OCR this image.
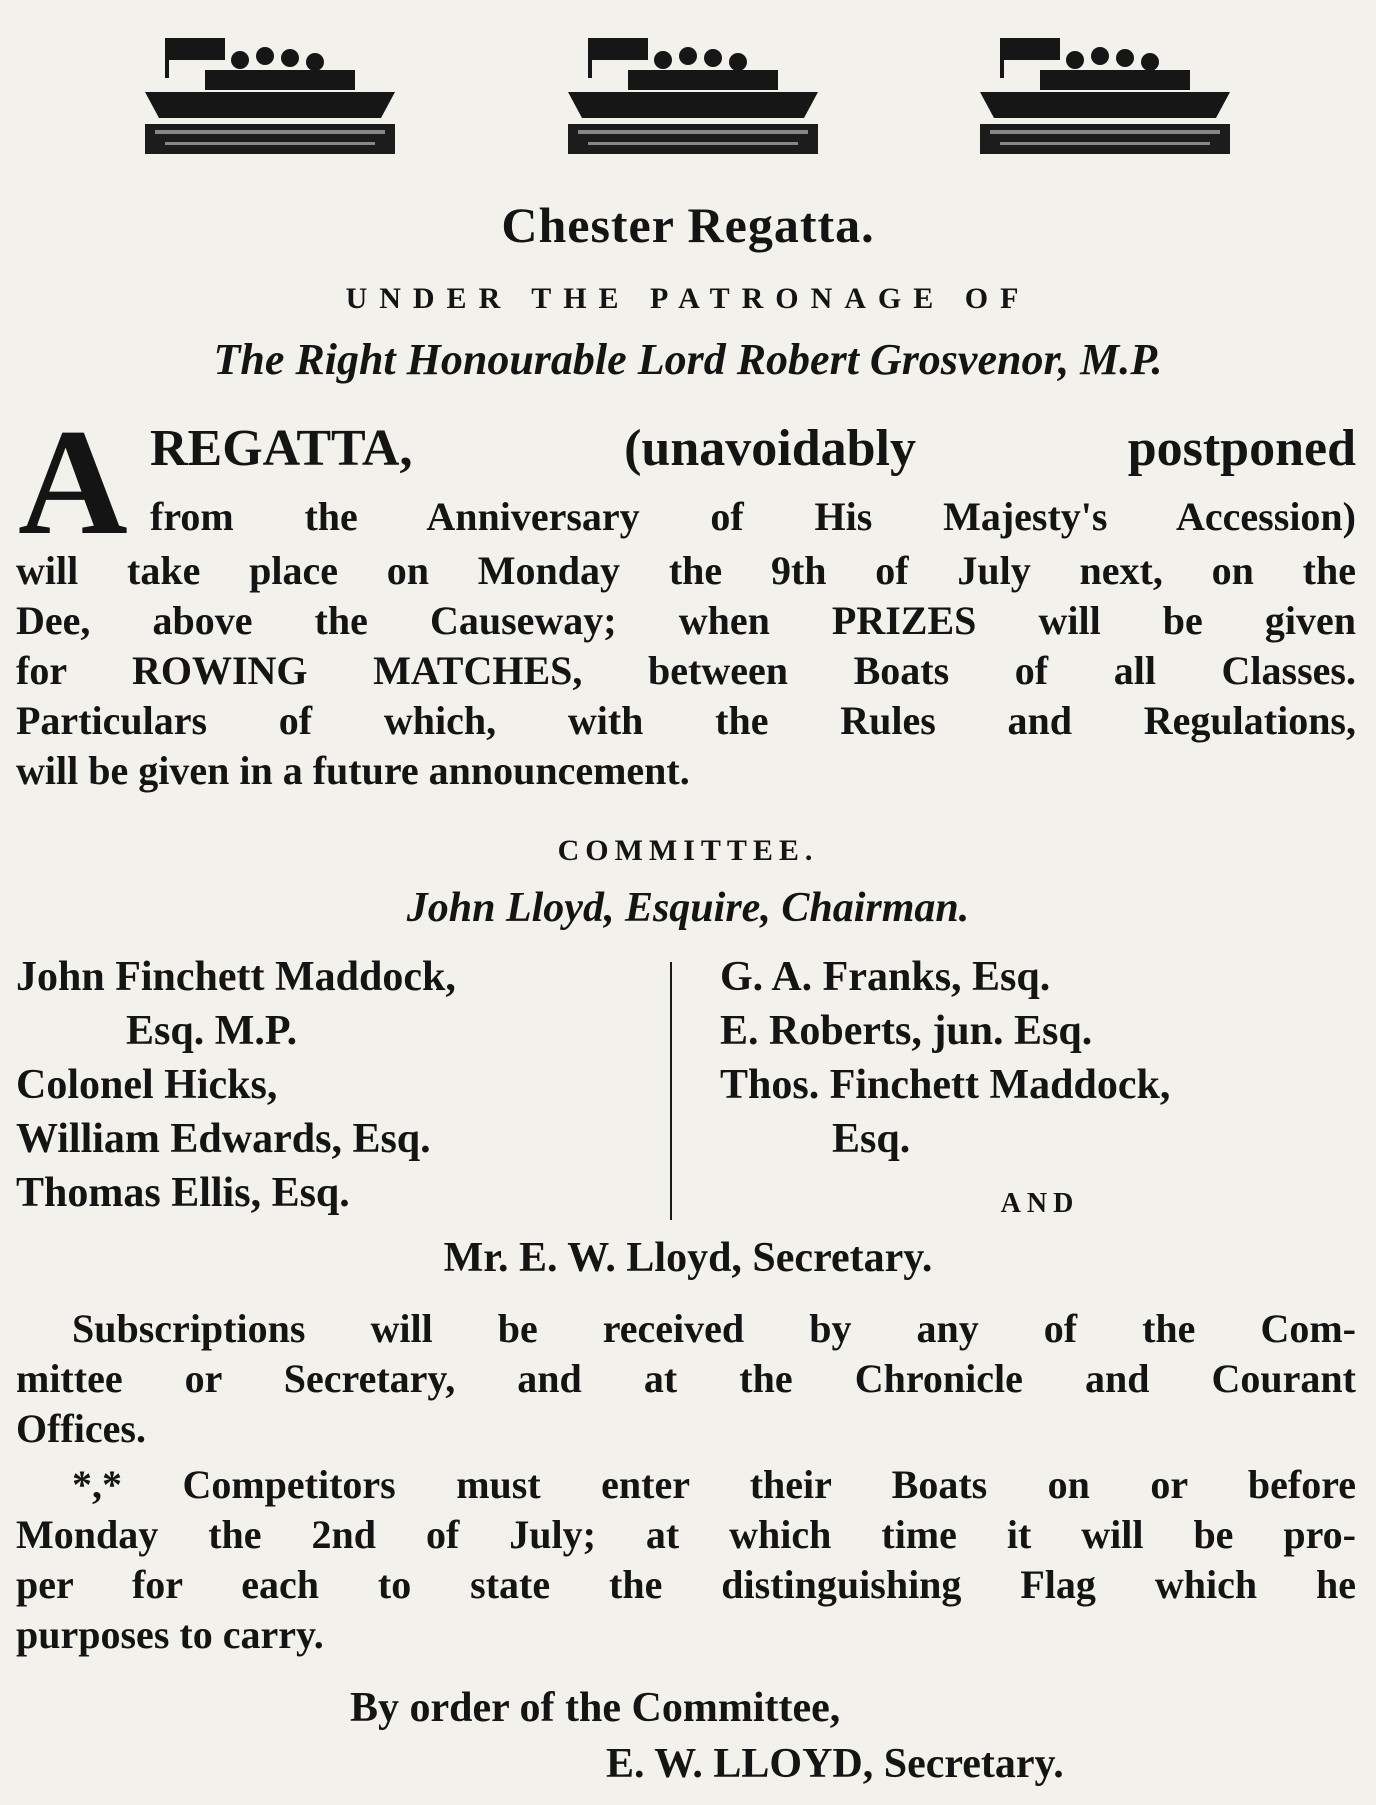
Chester Regatta.
UNDER THE PATRONAGE OF
The Right Honourable Lord Robert Grosvenor, M.P.
A REGATTA, (unavoidably postponed
from the Anniversary of His Majesty's Accession)
will take place on Monday the 9th of July next, on the
Dee, above the Causeway; when PRIZES will be given
for ROWING MATCHES, between Boats of all Classes.
Particulars of which, with the Rules and Regulations,
will be given in a future announcement.
COMMITTEE.
John Lloyd, Esquire, Chairman.
John Finchett Maddock,
Esq. M.P.
Colonel Hicks,
William Edwards, Esq.
Thomas Ellis, Esq.
G. A. Franks, Esq.
E. Roberts, jun. Esq.
Thos. Finchett Maddock,
Esq.
AND
Mr. E. W. Lloyd, Secretary.
Subscriptions will be received by any of the Com-
mittee or Secretary, and at the Chronicle and Courant
Offices.
*,* Competitors must enter their Boats on or before
Monday the 2nd of July; at which time it will be pro-
per for each to state the distinguishing Flag which he
purposes to carry.
By order of the Committee,
E. W. LLOYD, Secretary.
